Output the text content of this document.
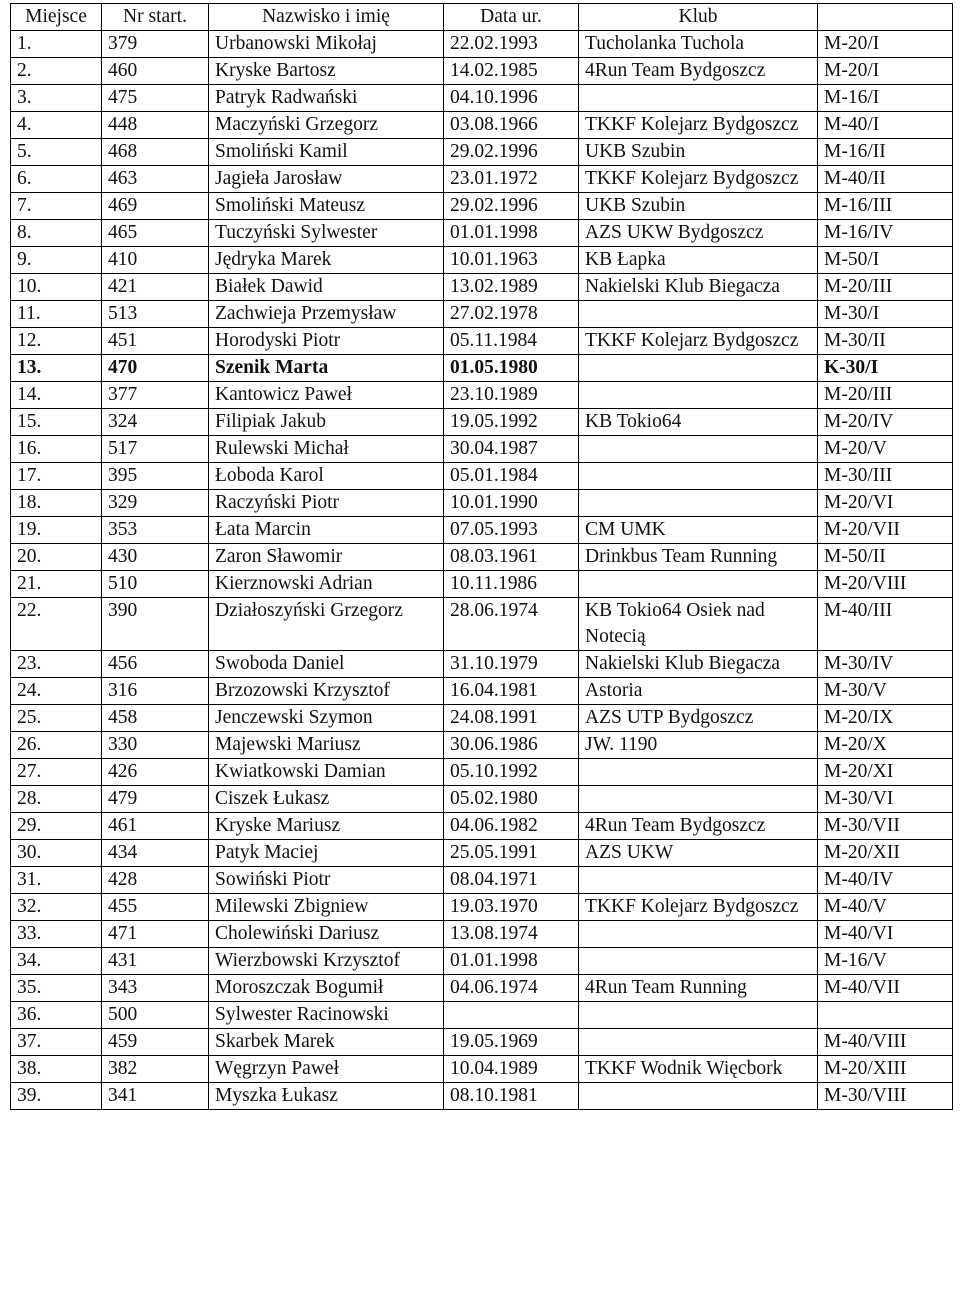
Miejsce	Nr start.	Nazwisko i imię	Data ur.	Klub	
1.	379	Urbanowski Mikołaj	22.02.1993	Tucholanka Tuchola	M-20/I
2.	460	Kryske Bartosz	14.02.1985	4Run Team Bydgoszcz	M-20/I
3.	475	Patryk Radwański	04.10.1996		M-16/I
4.	448	Maczyński Grzegorz	03.08.1966	TKKF Kolejarz Bydgoszcz	M-40/I
5.	468	Smoliński Kamil	29.02.1996	UKB Szubin	M-16/II
6.	463	Jagieła Jarosław	23.01.1972	TKKF Kolejarz Bydgoszcz	M-40/II
7.	469	Smoliński Mateusz	29.02.1996	UKB Szubin	M-16/III
8.	465	Tuczyński Sylwester	01.01.1998	AZS UKW Bydgoszcz	M-16/IV
9.	410	Jędryka Marek	10.01.1963	KB Łapka	M-50/I
10.	421	Białek Dawid	13.02.1989	Nakielski Klub Biegacza	M-20/III
11.	513	Zachwieja Przemysław	27.02.1978		M-30/I
12.	451	Horodyski Piotr	05.11.1984	TKKF Kolejarz Bydgoszcz	M-30/II
13.	470	Szenik Marta	01.05.1980		K-30/I
14.	377	Kantowicz Paweł	23.10.1989		M-20/III
15.	324	Filipiak Jakub	19.05.1992	KB Tokio64	M-20/IV
16.	517	Rulewski Michał	30.04.1987		M-20/V
17.	395	Łoboda Karol	05.01.1984		M-30/III
18.	329	Raczyński Piotr	10.01.1990		M-20/VI
19.	353	Łata Marcin	07.05.1993	CM UMK	M-20/VII
20.	430	Zaron Sławomir	08.03.1961	Drinkbus Team Running	M-50/II
21.	510	Kierznowski Adrian	10.11.1986		M-20/VIII
22.	390	Działoszyński Grzegorz	28.06.1974	KB Tokio64 Osiek nad Notecią	M-40/III
23.	456	Swoboda Daniel	31.10.1979	Nakielski Klub Biegacza	M-30/IV
24.	316	Brzozowski Krzysztof	16.04.1981	Astoria	M-30/V
25.	458	Jenczewski Szymon	24.08.1991	AZS UTP Bydgoszcz	M-20/IX
26.	330	Majewski Mariusz	30.06.1986	JW. 1190	M-20/X
27.	426	Kwiatkowski Damian	05.10.1992		M-20/XI
28.	479	Ciszek Łukasz	05.02.1980		M-30/VI
29.	461	Kryske Mariusz	04.06.1982	4Run Team Bydgoszcz	M-30/VII
30.	434	Patyk Maciej	25.05.1991	AZS UKW	M-20/XII
31.	428	Sowiński Piotr	08.04.1971		M-40/IV
32.	455	Milewski Zbigniew	19.03.1970	TKKF Kolejarz Bydgoszcz	M-40/V
33.	471	Cholewiński Dariusz	13.08.1974		M-40/VI
34.	431	Wierzbowski Krzysztof	01.01.1998		M-16/V
35.	343	Moroszczak Bogumił	04.06.1974	4Run Team Running	M-40/VII
36.	500	Sylwester Racinowski			
37.	459	Skarbek Marek	19.05.1969		M-40/VIII
38.	382	Węgrzyn Paweł	10.04.1989	TKKF Wodnik Więcbork	M-20/XIII
39.	341	Myszka Łukasz	08.10.1981		M-30/VIII
